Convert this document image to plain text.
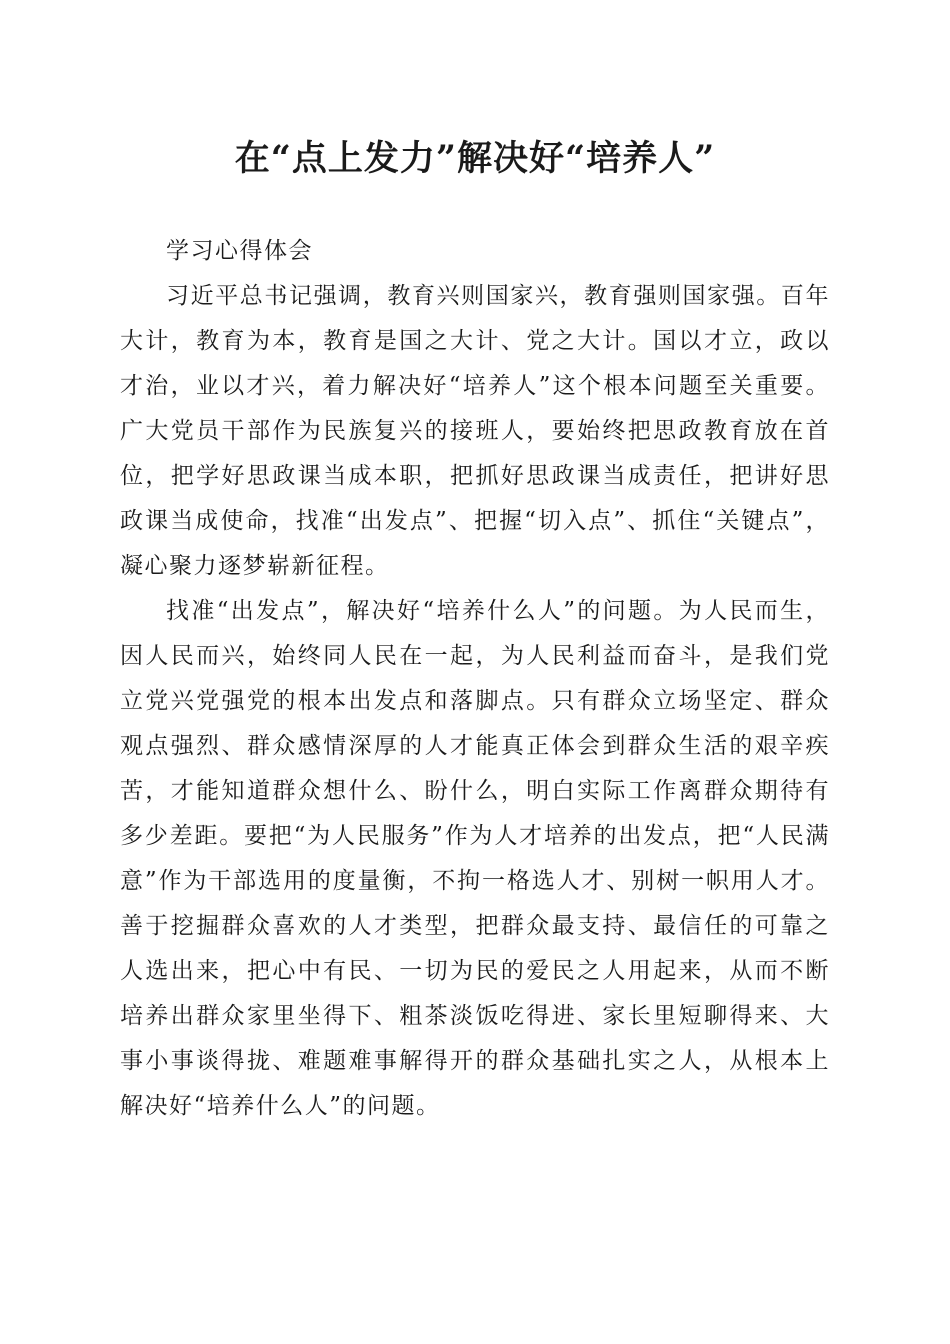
在“点上发力”解决好“培养人”

学习心得体会

习近平总书记强调，教育兴则国家兴，教育强则国家强。百年大计，教育为本，教育是国之大计、党之大计。国以才立，政以才治，业以才兴，着力解决好“培养人”这个根本问题至关重要。广大党员干部作为民族复兴的接班人，要始终把思政教育放在首位，把学好思政课当成本职，把抓好思政课当成责任，把讲好思政课当成使命，找准“出发点”、把握“切入点”、抓住“关键点”，凝心聚力逐梦崭新征程。

找准“出发点”，解决好“培养什么人”的问题。为人民而生，因人民而兴，始终同人民在一起，为人民利益而奋斗，是我们党立党兴党强党的根本出发点和落脚点。只有群众立场坚定、群众观点强烈、群众感情深厚的人才能真正体会到群众生活的艰辛疾苦，才能知道群众想什么、盼什么，明白实际工作离群众期待有多少差距。要把“为人民服务”作为人才培养的出发点，把“人民满意”作为干部选用的度量衡，不拘一格选人才、别树一帜用人才。善于挖掘群众喜欢的人才类型，把群众最支持、最信任的可靠之人选出来，把心中有民、一切为民的爱民之人用起来，从而不断培养出群众家里坐得下、粗茶淡饭吃得进、家长里短聊得来、大事小事谈得拢、难题难事解得开的群众基础扎实之人，从根本上解决好“培养什么人”的问题。
